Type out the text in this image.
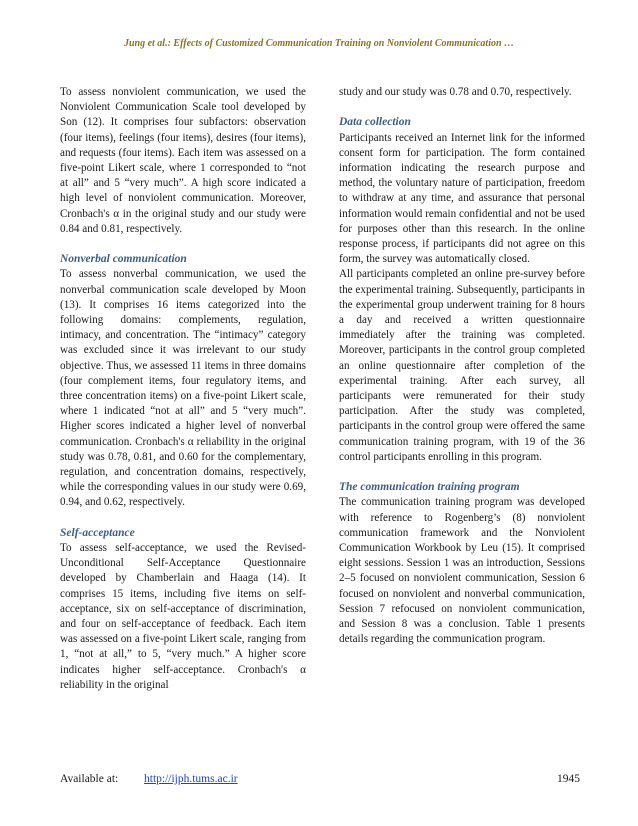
Jung et al.: Effects of Customized Communication Training on Nonviolent Communication …

To assess nonviolent communication, we used the Nonviolent Communication Scale tool developed by Son (12). It comprises four subfactors: observation (four items), feelings (four items), desires (four items), and requests (four items). Each item was assessed on a five-point Likert scale, where 1 corresponded to “not at all” and 5 “very much”. A high score indicated a high level of nonviolent communication. Moreover, Cronbach's α in the original study and our study were 0.84 and 0.81, respectively.

Nonverbal communication

To assess nonverbal communication, we used the nonverbal communication scale developed by Moon (13). It comprises 16 items categorized into the following domains: complements, regulation, intimacy, and concentration. The “intimacy” category was excluded since it was irrelevant to our study objective. Thus, we assessed 11 items in three domains (four complement items, four regulatory items, and three concentration items) on a five-point Likert scale, where 1 indicated “not at all” and 5 “very much”. Higher scores indicated a higher level of nonverbal communication. Cronbach's α reliability in the original study was 0.78, 0.81, and 0.60 for the complementary, regulation, and concentration domains, respectively, while the corresponding values in our study were 0.69, 0.94, and 0.62, respectively.

Self-acceptance

To assess self-acceptance, we used the Revised-Unconditional Self-Acceptance Questionnaire developed by Chamberlain and Haaga (14). It comprises 15 items, including five items on self-acceptance, six on self-acceptance of discrimination, and four on self-acceptance of feedback. Each item was assessed on a five-point Likert scale, ranging from 1, “not at all,” to 5, “very much.” A higher score indicates higher self-acceptance. Cronbach's α reliability in the original

study and our study was 0.78 and 0.70, respectively.

Data collection

Participants received an Internet link for the informed consent form for participation. The form contained information indicating the research purpose and method, the voluntary nature of participation, freedom to withdraw at any time, and assurance that personal information would remain confidential and not be used for purposes other than this research. In the online response process, if participants did not agree on this form, the survey was automatically closed.

All participants completed an online pre-survey before the experimental training. Subsequently, participants in the experimental group underwent training for 8 hours a day and received a written questionnaire immediately after the training was completed. Moreover, participants in the control group completed an online questionnaire after completion of the experimental training. After each survey, all participants were remunerated for their study participation. After the study was completed, participants in the control group were offered the same communication training program, with 19 of the 36 control participants enrolling in this program.

The communication training program

The communication training program was developed with reference to Rogenberg’s (8) nonviolent communication framework and the Nonviolent Communication Workbook by Leu (15). It comprised eight sessions. Session 1 was an introduction, Sessions 2–5 focused on nonviolent communication, Session 6 focused on nonviolent and nonverbal communication, Session 7 refocused on nonviolent communication, and Session 8 was a conclusion. Table 1 presents details regarding the communication program.

Available at: http://ijph.tums.ac.ir	1945
